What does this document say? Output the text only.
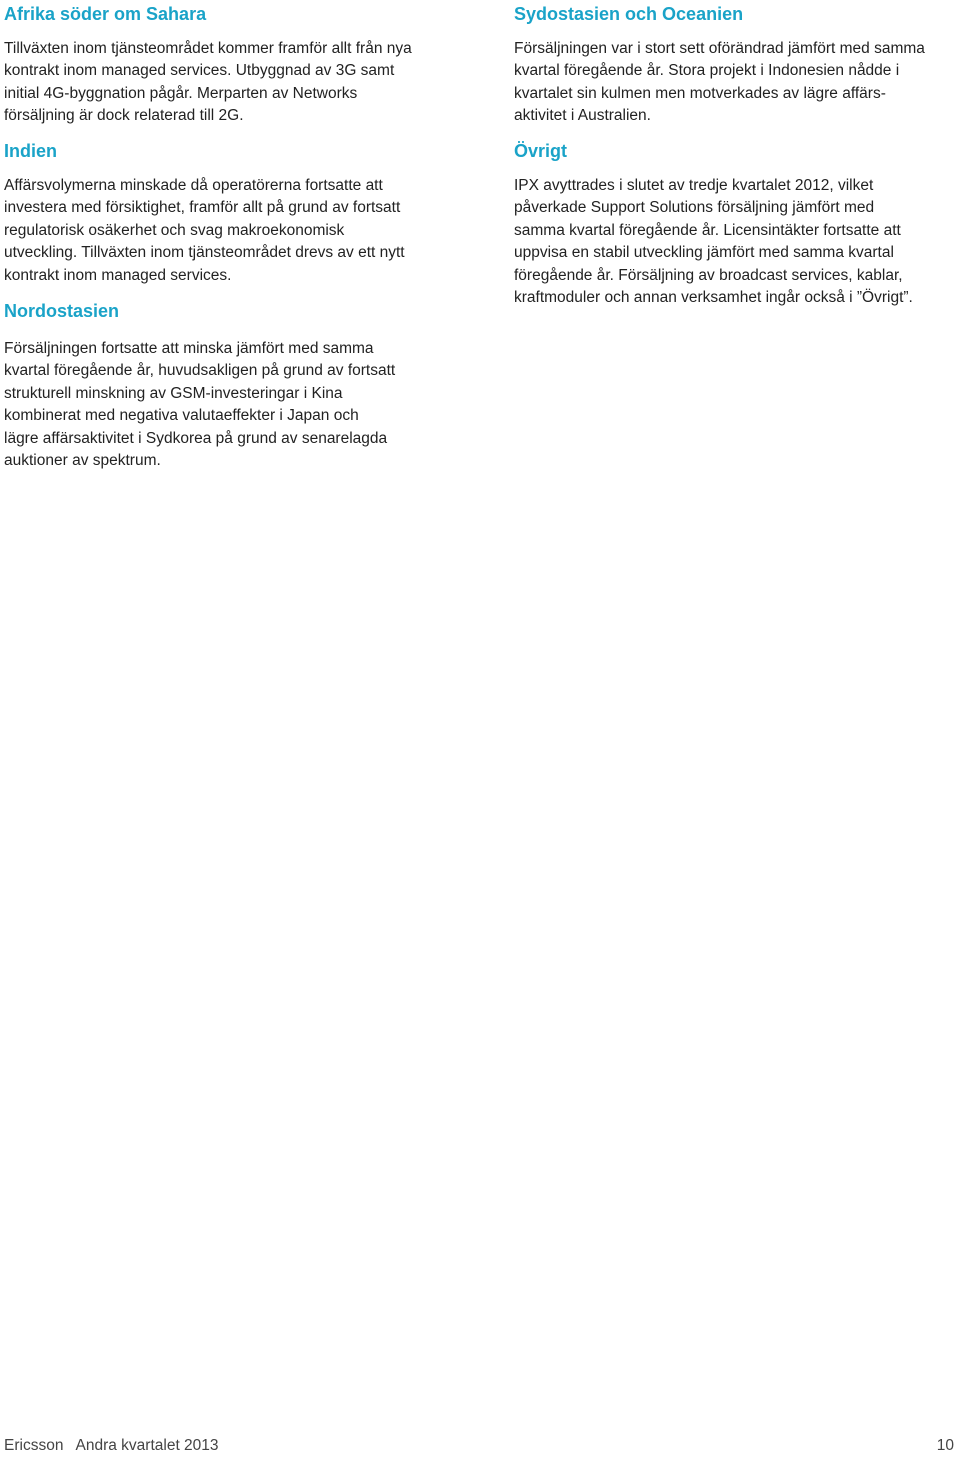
Afrika söder om Sahara

Tillväxten inom tjänsteområdet kommer framför allt från nya
kontrakt inom managed services. Utbyggnad av 3G samt
initial 4G-byggnation pågår. Merparten av Networks
försäljning är dock relaterad till 2G.

Indien

Affärsvolymerna minskade då operatörerna fortsatte att
investera med försiktighet, framför allt på grund av fortsatt
regulatorisk osäkerhet och svag makroekonomisk
utveckling. Tillväxten inom tjänsteområdet drevs av ett nytt
kontrakt inom managed services.

Nordostasien

Försäljningen fortsatte att minska jämfört med samma
kvartal föregående år, huvudsakligen på grund av fortsatt
strukturell minskning av GSM-investeringar i Kina
kombinerat med negativa valutaeffekter i Japan och
lägre affärsaktivitet i Sydkorea på grund av senarelagda
auktioner av spektrum.

Sydostasien och Oceanien

Försäljningen var i stort sett oförändrad jämfört med samma
kvartal föregående år. Stora projekt i Indonesien nådde i
kvartalet sin kulmen men motverkades av lägre affärs-
aktivitet i Australien.

Övrigt

IPX avyttrades i slutet av tredje kvartalet 2012, vilket
påverkade Support Solutions försäljning jämfört med
samma kvartal föregående år. Licensintäkter fortsatte att
uppvisa en stabil utveckling jämfört med samma kvartal
föregående år. Försäljning av broadcast services, kablar,
kraftmoduler och annan verksamhet ingår också i ”Övrigt”.

Ericsson   Andra kvartalet 2013	10
